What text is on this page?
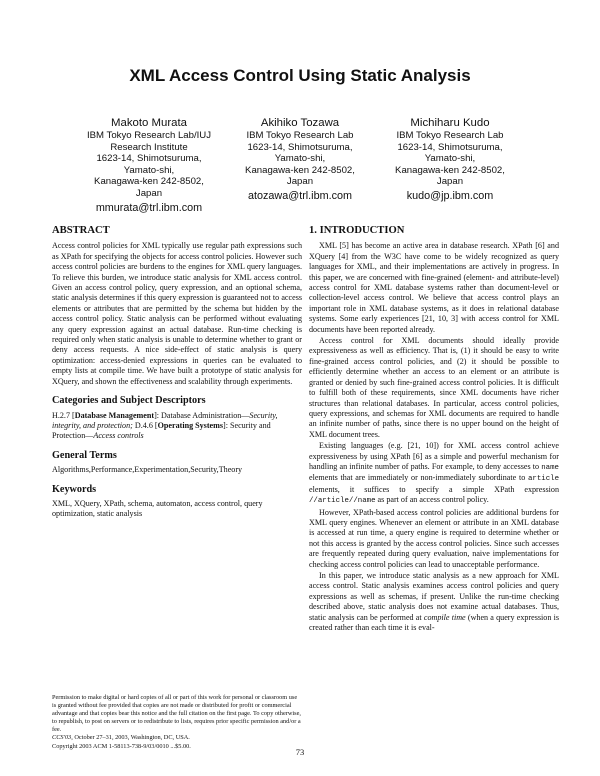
XML Access Control Using Static Analysis
Makoto Murata
IBM Tokyo Research Lab/IUJ
Research Institute
1623-14, Shimotsuruma,
Yamato-shi,
Kanagawa-ken 242-8502,
Japan
mmurata@trl.ibm.com
Akihiko Tozawa
IBM Tokyo Research Lab
1623-14, Shimotsuruma,
Yamato-shi,
Kanagawa-ken 242-8502,
Japan
atozawa@trl.ibm.com
Michiharu Kudo
IBM Tokyo Research Lab
1623-14, Shimotsuruma,
Yamato-shi,
Kanagawa-ken 242-8502,
Japan
kudo@jp.ibm.com
ABSTRACT

Access control policies for XML typically use regular path expressions such as XPath for specifying the objects for access control policies. However such access control policies are burdens to the engines for XML query languages. To relieve this burden, we introduce static analysis for XML access control. Given an access control policy, query expression, and an optional schema, static analysis determines if this query expression is guaranteed not to access elements or attributes that are permitted by the schema but hidden by the access control policy. Static analysis can be performed without evaluating any query expression against an actual database. Run-time checking is required only when static analysis is unable to determine whether to grant or deny access requests. A nice side-effect of static analysis is query optimization: access-denied expressions in queries can be evaluated to empty lists at compile time. We have built a prototype of static analysis for XQuery, and shown the effectiveness and scalability through experiments.

Categories and Subject Descriptors

H.2.7 [Database Management]: Database Administration—Security, integrity, and protection; D.4.6 [Operating Systems]: Security and Protection—Access controls

General Terms

Algorithms,Performance,Experimentation,Security,Theory

Keywords

XML, XQuery, XPath, schema, automaton, access control, query optimization, static analysis

Permission to make digital or hard copies of all or part of this work for personal or classroom use is granted without fee provided that copies are not made or distributed for profit or commercial advantage and that copies bear this notice and the full citation on the first page. To copy otherwise, to republish, to post on servers or to redistribute to lists, requires prior specific permission and/or a fee.

CCS'03, October 27–31, 2003, Washington, DC, USA.

Copyright 2003 ACM 1-58113-738-9/03/0010 ...$5.00.

1. INTRODUCTION

XML [5] has become an active area in database research. XPath [6] and XQuery [4] from the W3C have come to be widely recognized as query languages for XML, and their implementations are actively in progress. In this paper, we are concerned with fine-grained (element- and attribute-level) access control for XML database systems rather than document-level or collection-level access control. We believe that access control plays an important role in XML database systems, as it does in relational database systems. Some early experiences [21, 10, 3] with access control for XML documents have been reported already.

Access control for XML documents should ideally provide expressiveness as well as efficiency. That is, (1) it should be easy to write fine-grained access control policies, and (2) it should be possible to efficiently determine whether an access to an element or an attribute is granted or denied by such fine-grained access control policies. It is difficult to fulfill both of these requirements, since XML documents have richer structures than relational databases. In particular, access control policies, query expressions, and schemas for XML documents are required to handle an infinite number of paths, since there is no upper bound on the height of XML document trees.

Existing languages (e.g. [21, 10]) for XML access control achieve expressiveness by using XPath [6] as a simple and powerful mechanism for handling an infinite number of paths. For example, to deny accesses to name elements that are immediately or non-immediately subordinate to article elements, it suffices to specify a simple XPath expression //article//name as part of an access control policy.

However, XPath-based access control policies are additional burdens for XML query engines. Whenever an element or attribute in an XML database is accessed at run time, a query engine is required to determine whether or not this access is granted by the access control policies. Since such accesses are frequently repeated during query evaluation, naive implementations for checking access control policies can lead to unacceptable performance.

In this paper, we introduce static analysis as a new approach for XML access control. Static analysis examines access control policies and query expressions as well as schemas, if present. Unlike the run-time checking described above, static analysis does not examine actual databases. Thus, static analysis can be performed at compile time (when a query expression is created rather than each time it is eval-

73
